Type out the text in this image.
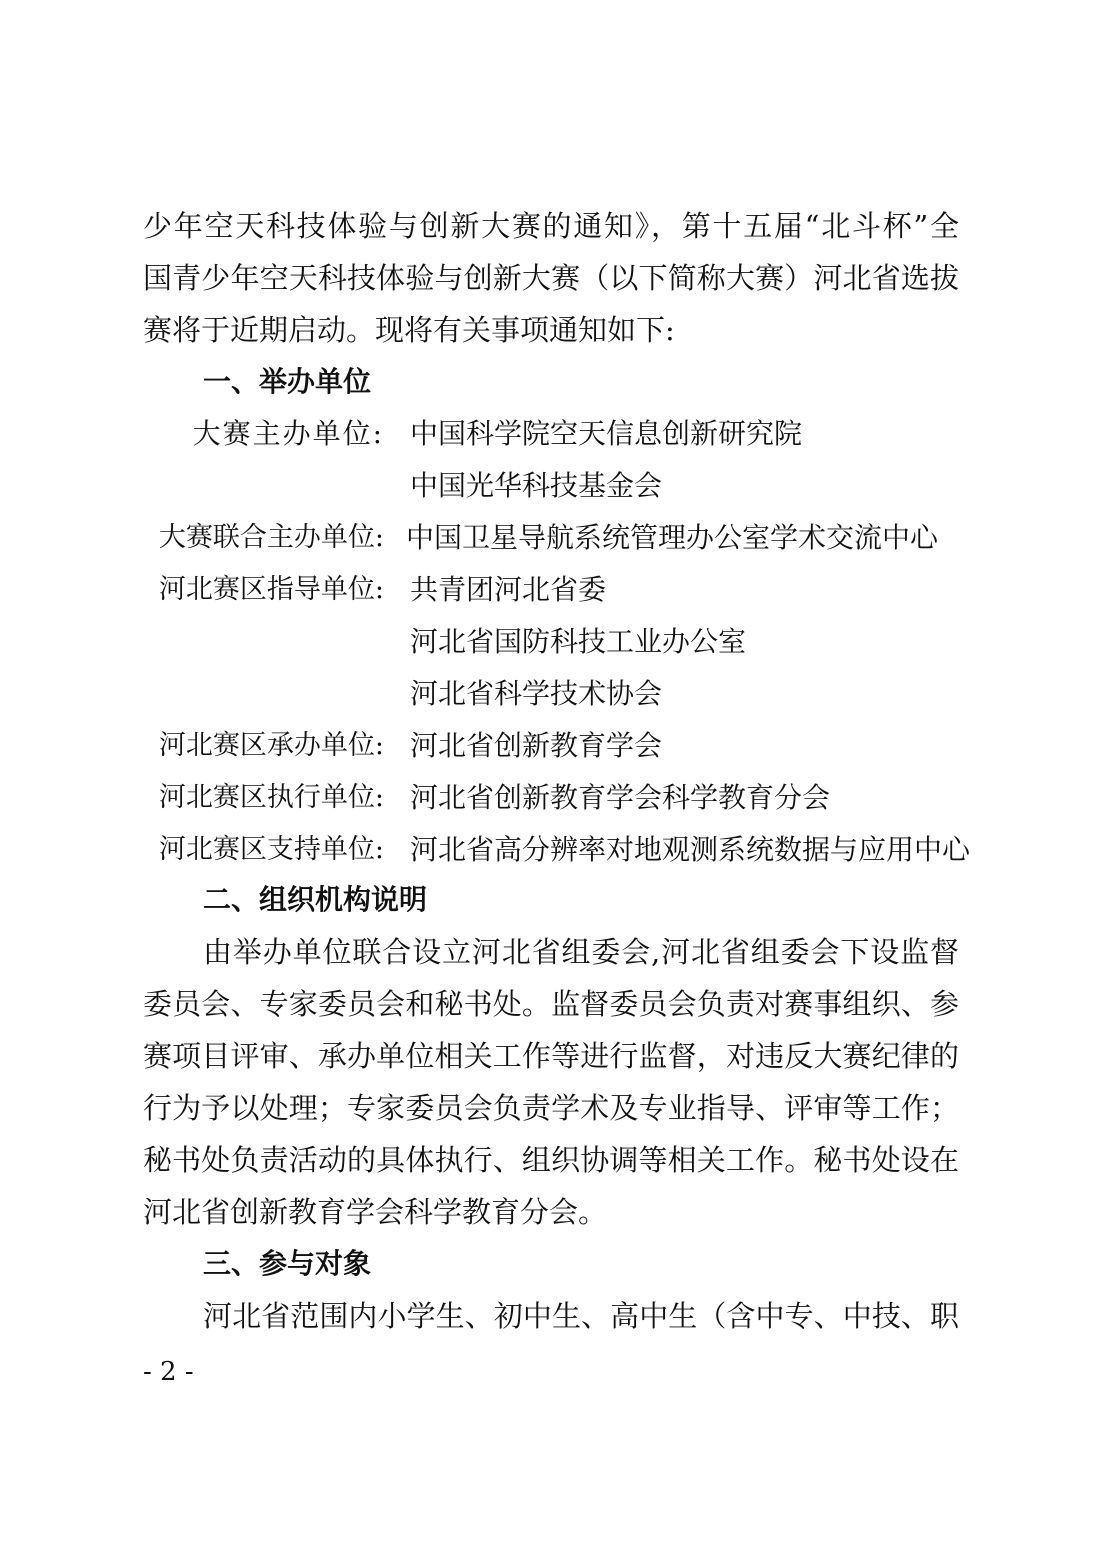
少年空天科技体验与创新大赛的通知》，第十五届“北斗杯”全
国青少年空天科技体验与创新大赛（以下简称大赛）河北省选拔
赛将于近期启动。现将有关事项通知如下:
一、举办单位
大赛主办单位: 中国科学院空天信息创新研究院
中国光华科技基金会
大赛联合主办单位: 中国卫星导航系统管理办公室学术交流中心
河北赛区指导单位: 共青团河北省委
河北省国防科技工业办公室
河北省科学技术协会
河北赛区承办单位: 河北省创新教育学会
河北赛区执行单位: 河北省创新教育学会科学教育分会
河北赛区支持单位: 河北省高分辨率对地观测系统数据与应用中心
二、组织机构说明
由举办单位联合设立河北省组委会,河北省组委会下设监督
委员会、专家委员会和秘书处。监督委员会负责对赛事组织、参
赛项目评审、承办单位相关工作等进行监督，对违反大赛纪律的
行为予以处理；专家委员会负责学术及专业指导、评审等工作；
秘书处负责活动的具体执行、组织协调等相关工作。秘书处设在
河北省创新教育学会科学教育分会。
三、参与对象
河北省范围内小学生、初中生、高中生（含中专、中技、职
- 2 -
